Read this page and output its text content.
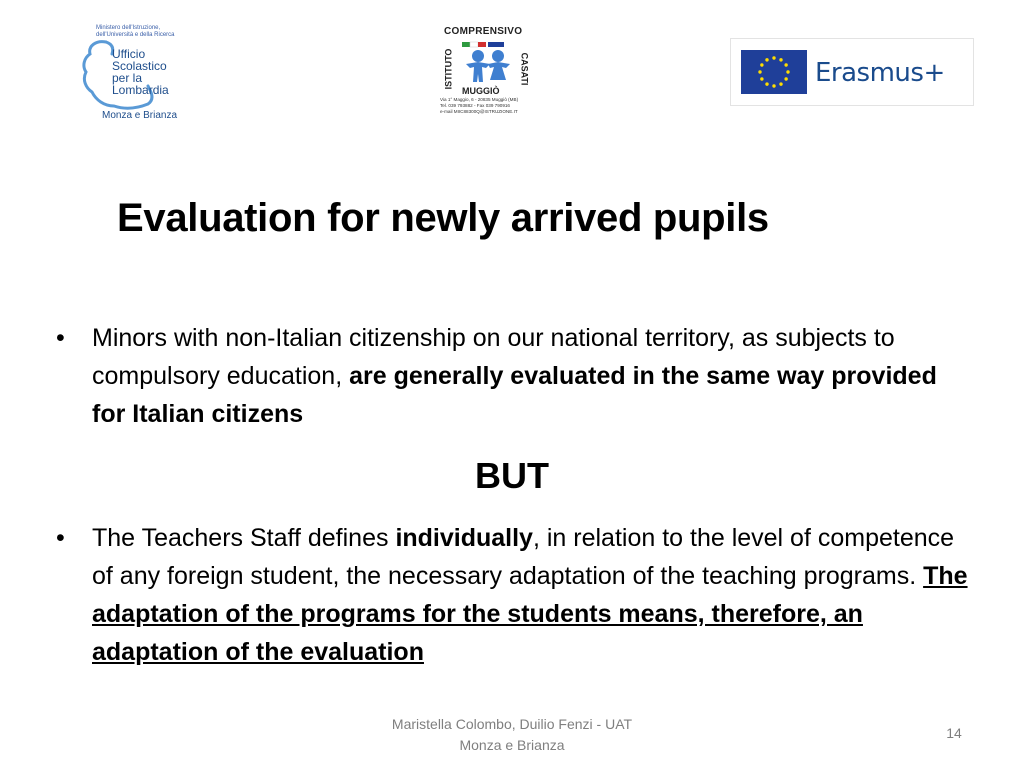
Ministero dell'Istruzione,
dell'Università e della Ricerca
Ufficio
Scolastico
per la
Lombardia
Monza e Brianza
COMPRENSIVO
ISTITUTO	CASATI
MUGGIÒ
Via 1° Maggio, 6 - 20835 Muggiò (MB)
Tel. 039 793882 - Fax 039 790916
e-mail MIIC88300Q@ISTRUZIONE.IT
Erasmus+
Evaluation for newly arrived pupils
• Minors with non-Italian citizenship on our national territory, as subjects to compulsory education, are generally evaluated in the same way provided for Italian citizens
BUT
• The Teachers Staff defines individually, in relation to the level of competence of any foreign student, the necessary adaptation of the teaching programs. The adaptation of the programs for the students means, therefore, an adaptation of the evaluation
Maristella Colombo, Duilio Fenzi - UAT
Monza e Brianza
14
